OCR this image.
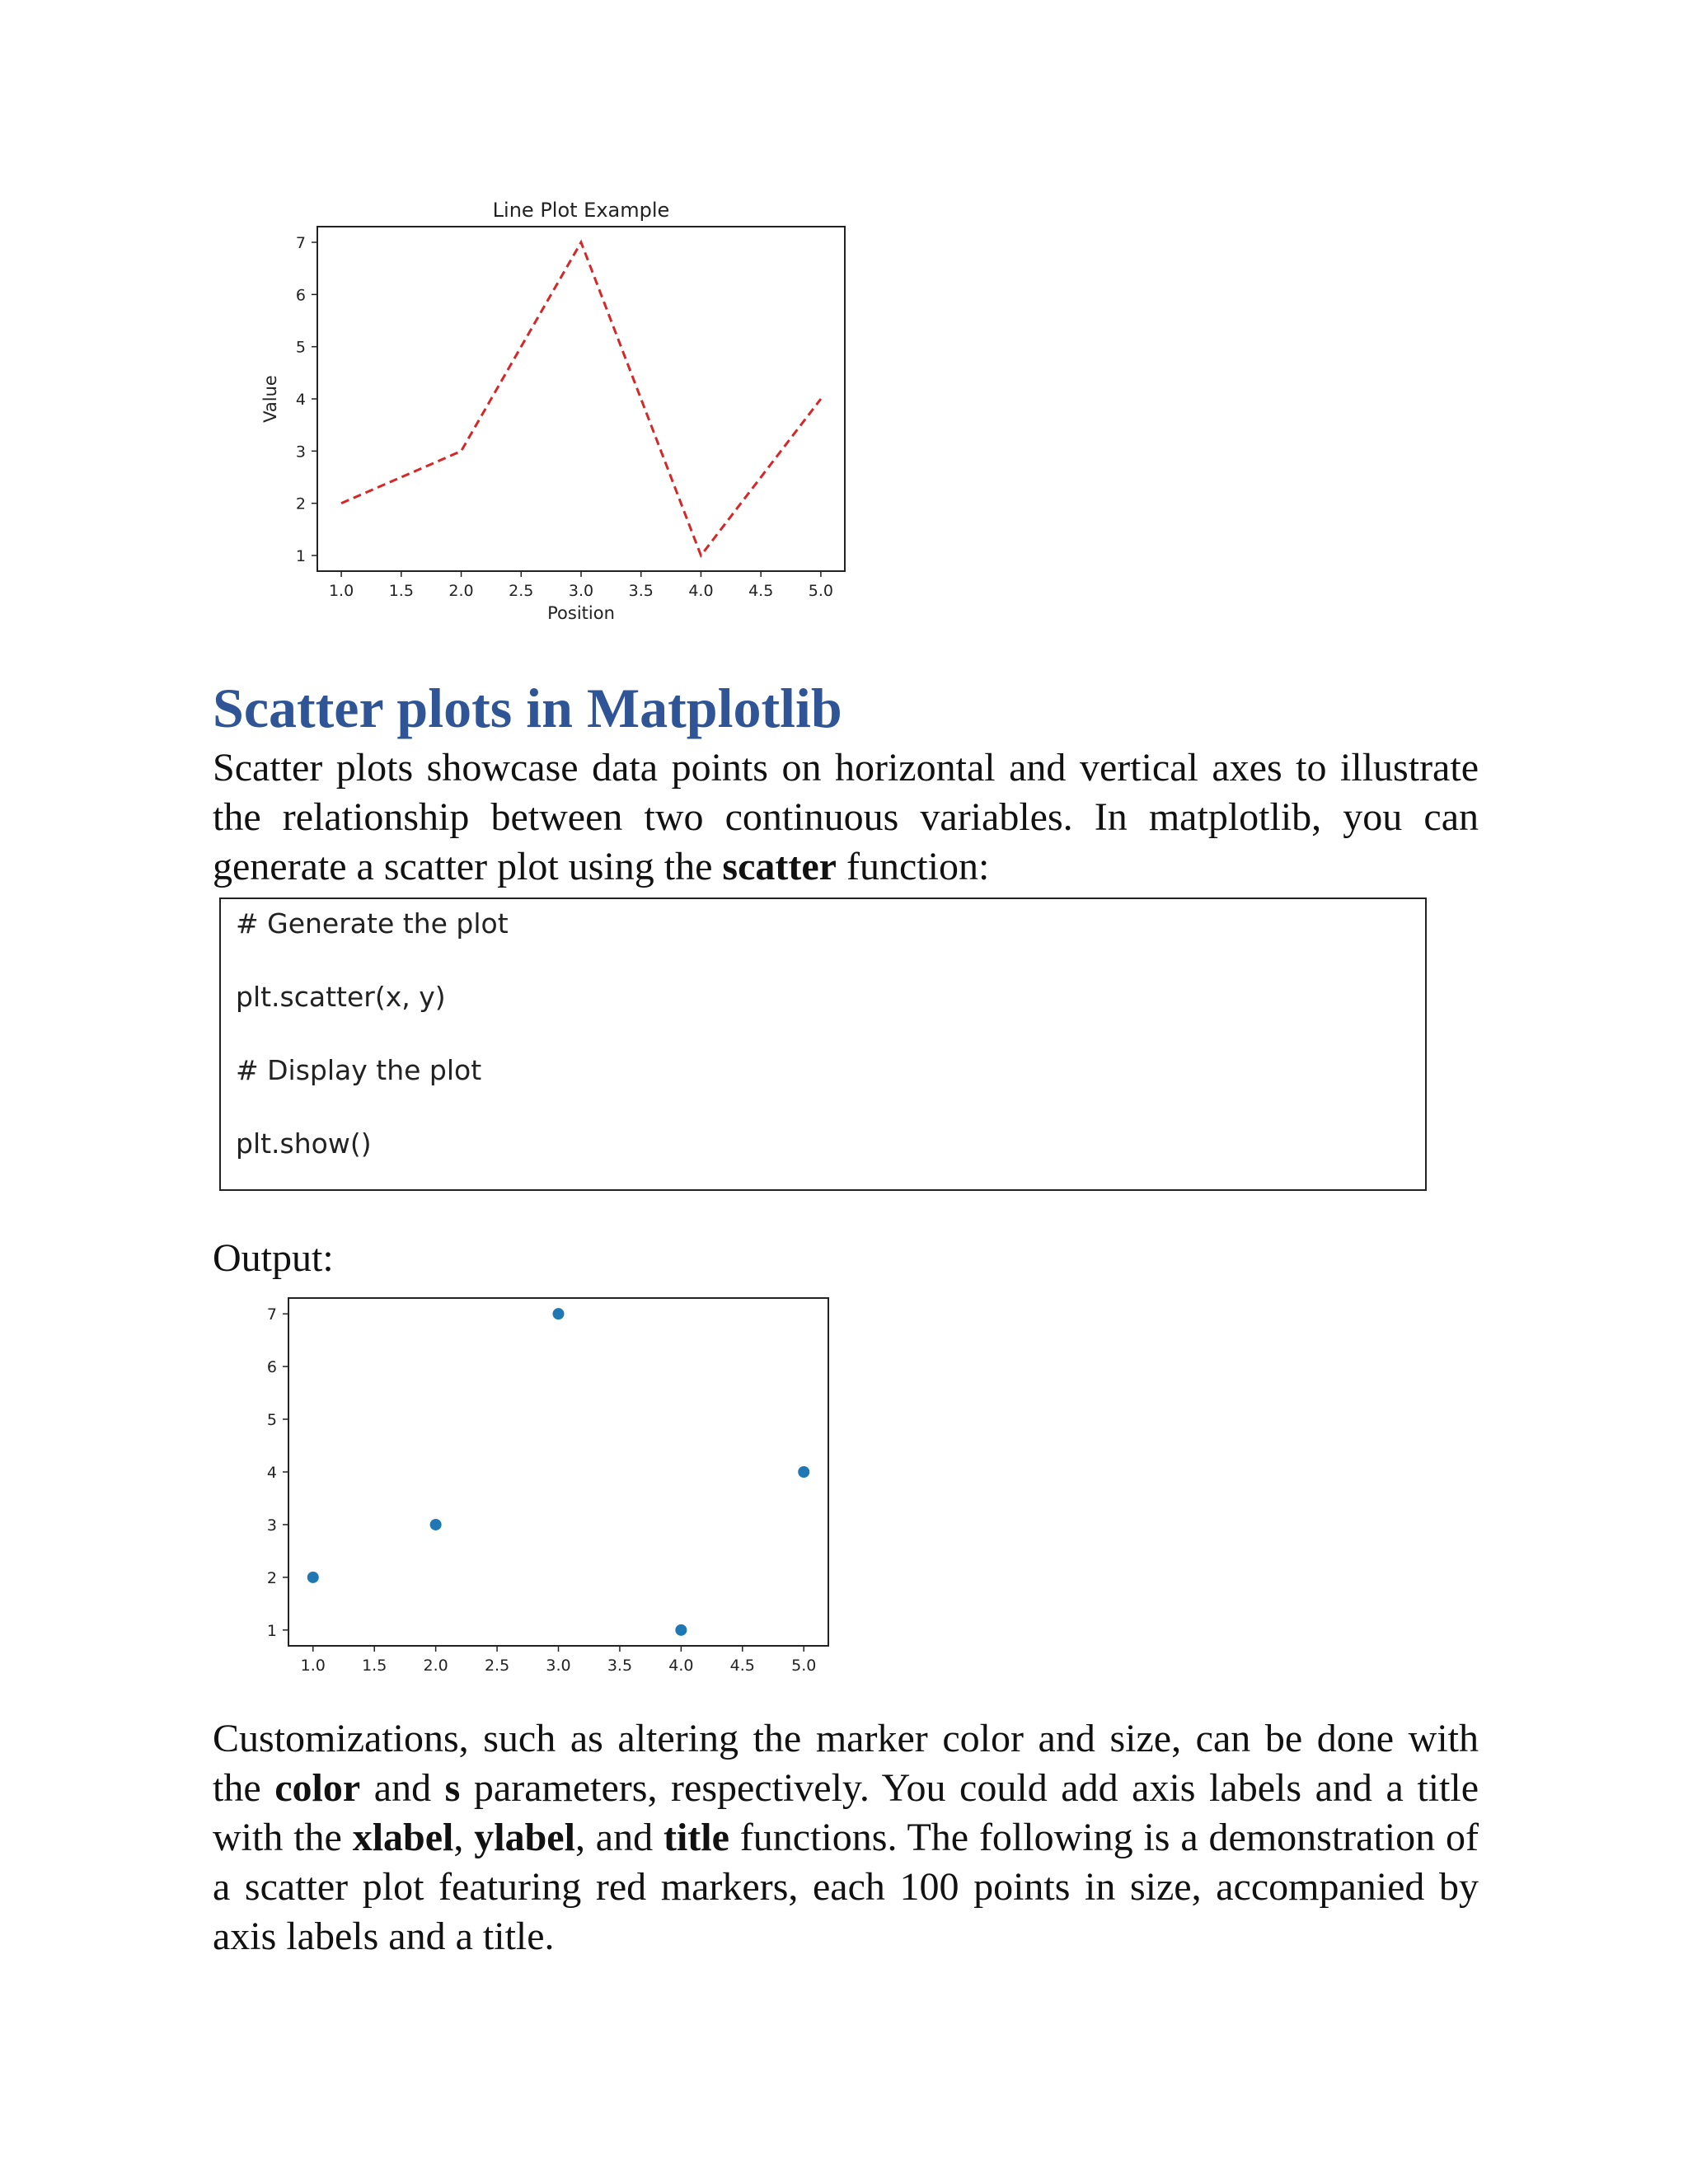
Line Plot Example
1.0 1.5 2.0 2.5 3.0 3.5 4.0 4.5 5.0
1
2
3
4
5
6
7
Position
Value
Scatter plots in Matplotlib

Scatter plots showcase data points on horizontal and vertical axes to illustrate the relationship between two continuous variables. In matplotlib, you can generate a scatter plot using the scatter function:

# Generate the plot
plt.scatter(x, y)
# Display the plot
plt.show()

Output:

1.0 1.5 2.0 2.5 3.0 3.5 4.0 4.5 5.0
1
2
3
4
5
6
7

Customizations, such as altering the marker color and size, can be done with the color and s parameters, respectively. You could add axis labels and a title with the xlabel, ylabel, and title functions. The following is a demonstration of a scatter plot featuring red markers, each 100 points in size, accompanied by axis labels and a title.
